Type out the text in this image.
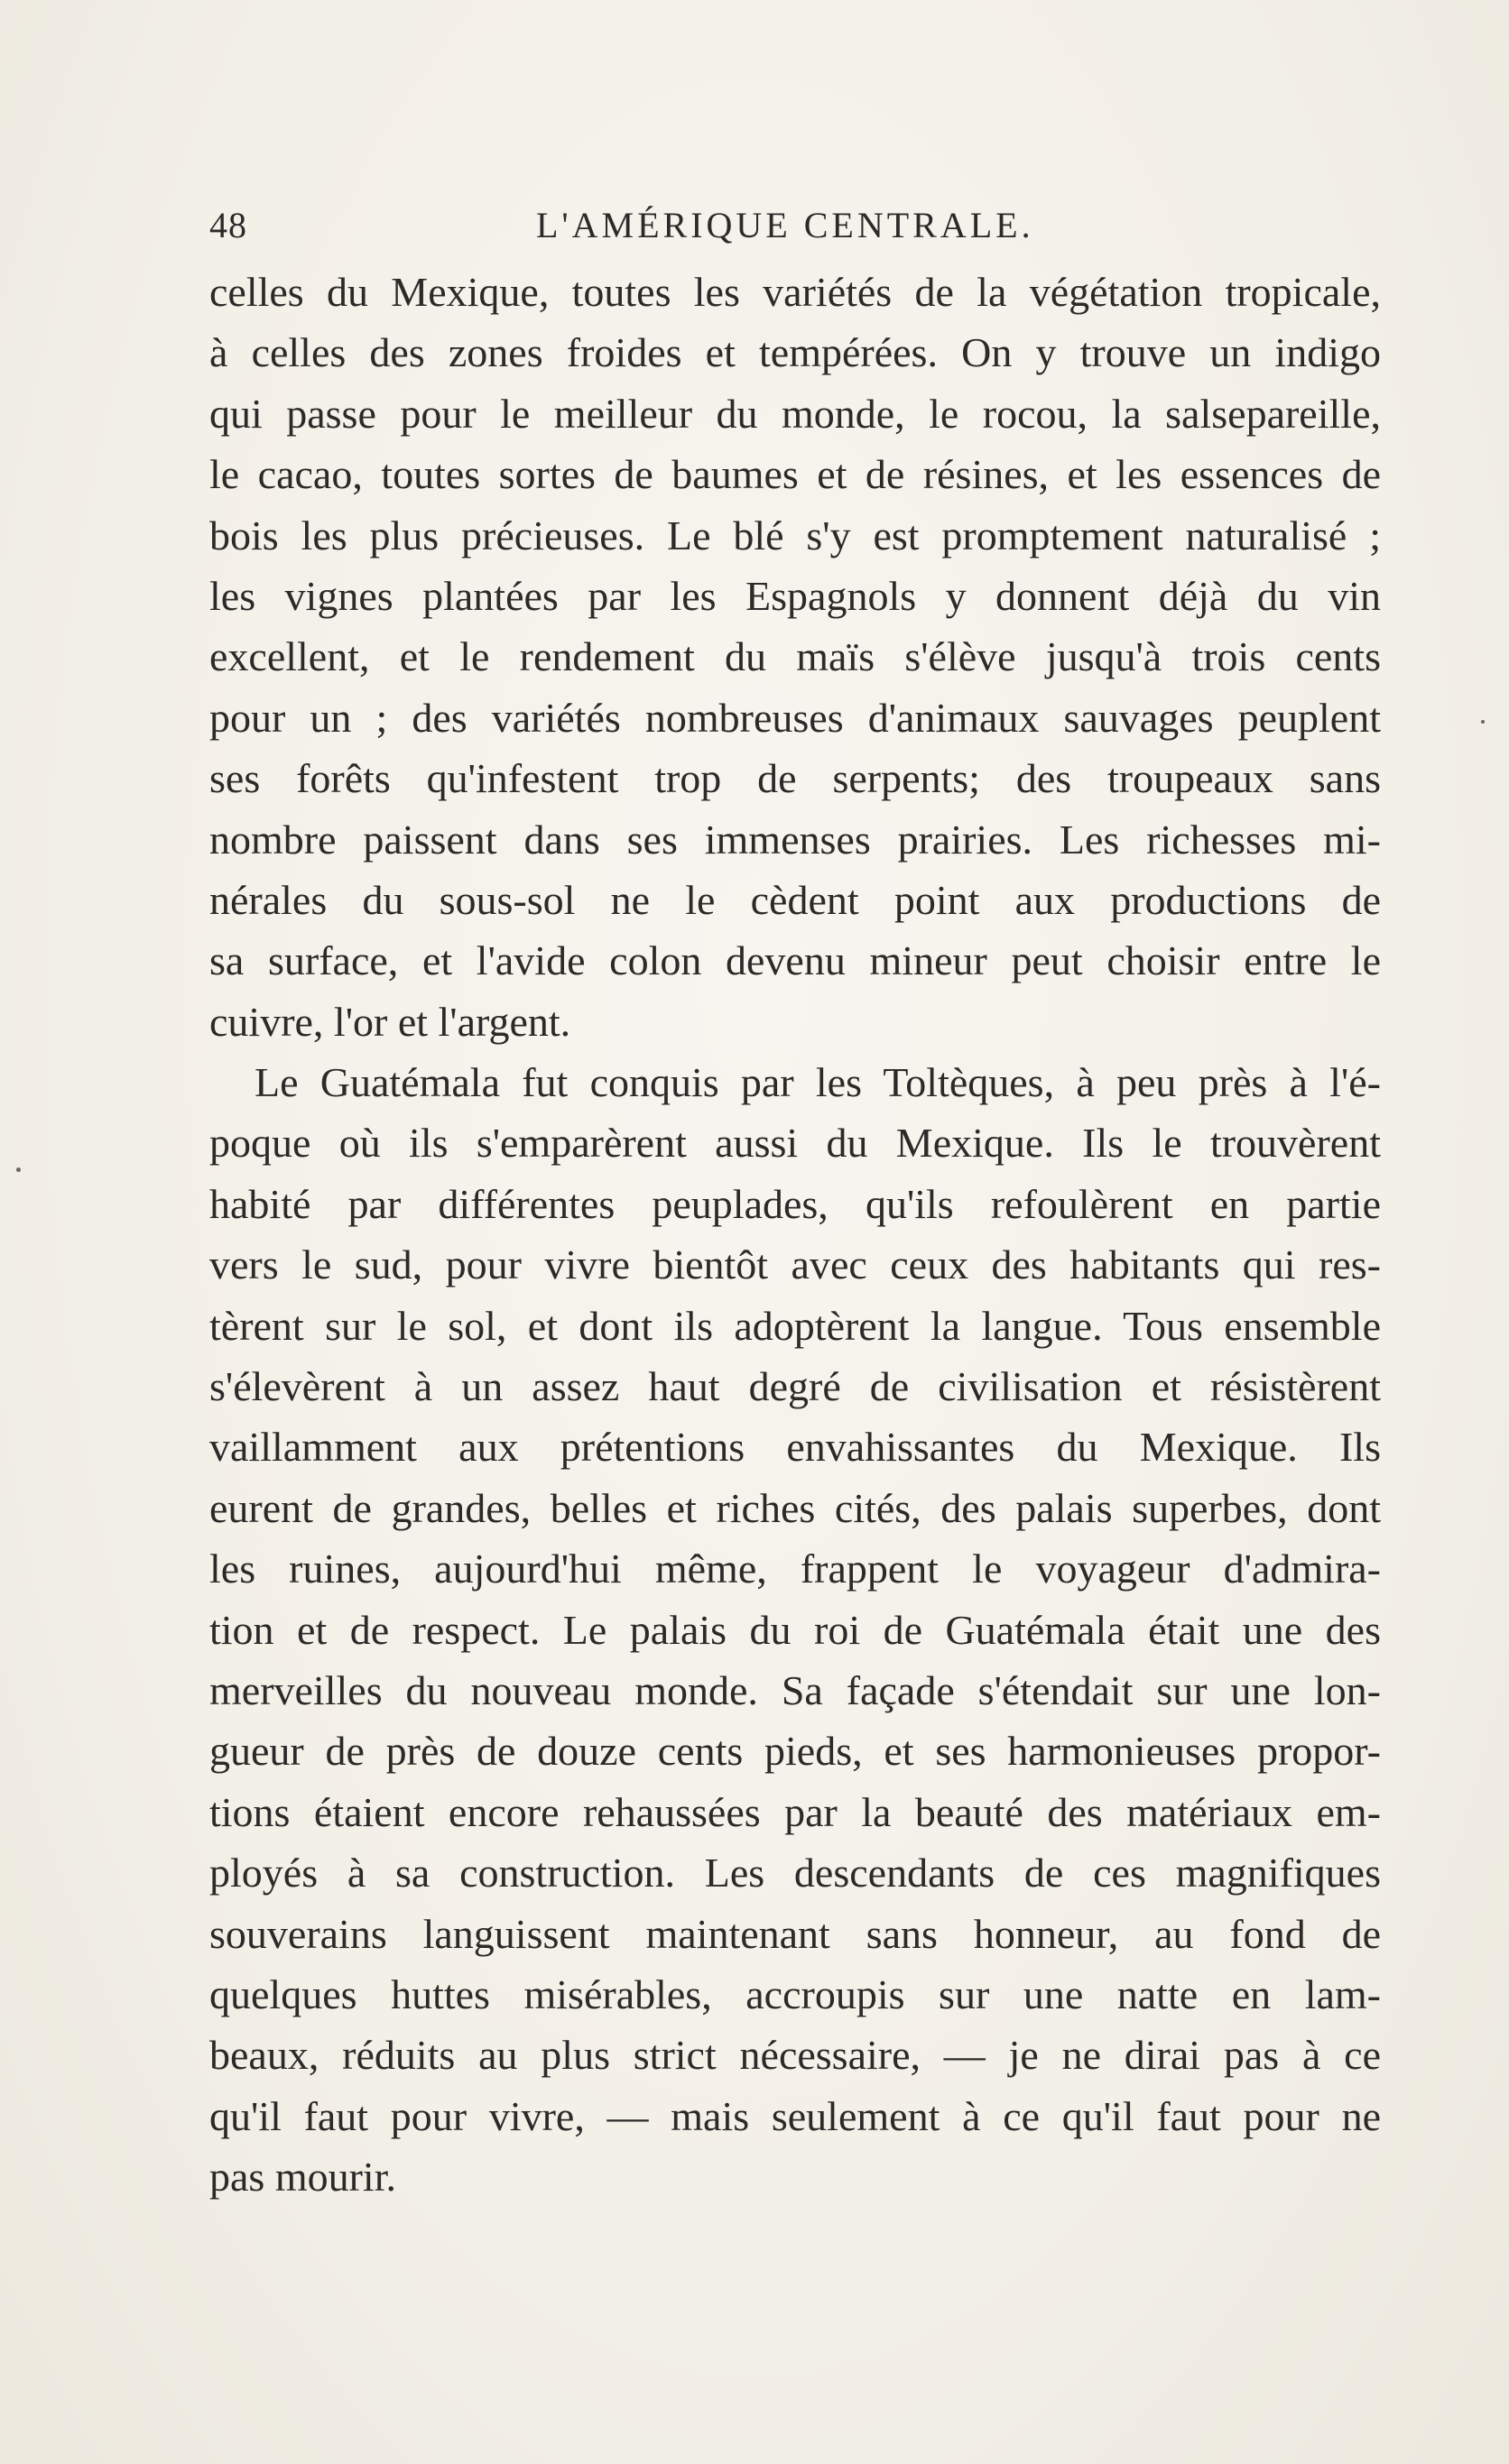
48	L'AMÉRIQUE CENTRALE.
celles du Mexique, toutes les variétés de la végétation tropicale,
à celles des zones froides et tempérées. On y trouve un indigo
qui passe pour le meilleur du monde, le rocou, la salsepareille,
le cacao, toutes sortes de baumes et de résines, et les essences de
bois les plus précieuses. Le blé s'y est promptement naturalisé ;
les vignes plantées par les Espagnols y donnent déjà du vin
excellent, et le rendement du maïs s'élève jusqu'à trois cents
pour un ; des variétés nombreuses d'animaux sauvages peuplent
ses forêts qu'infestent trop de serpents; des troupeaux sans
nombre paissent dans ses immenses prairies. Les richesses mi-
nérales du sous-sol ne le cèdent point aux productions de
sa surface, et l'avide colon devenu mineur peut choisir entre le
cuivre, l'or et l'argent.
Le Guatémala fut conquis par les Toltèques, à peu près à l'é-
poque où ils s'emparèrent aussi du Mexique. Ils le trouvèrent
habité par différentes peuplades, qu'ils refoulèrent en partie
vers le sud, pour vivre bientôt avec ceux des habitants qui res-
tèrent sur le sol, et dont ils adoptèrent la langue. Tous ensemble
s'élevèrent à un assez haut degré de civilisation et résistèrent
vaillamment aux prétentions envahissantes du Mexique. Ils
eurent de grandes, belles et riches cités, des palais superbes, dont
les ruines, aujourd'hui même, frappent le voyageur d'admira-
tion et de respect. Le palais du roi de Guatémala était une des
merveilles du nouveau monde. Sa façade s'étendait sur une lon-
gueur de près de douze cents pieds, et ses harmonieuses propor-
tions étaient encore rehaussées par la beauté des matériaux em-
ployés à sa construction. Les descendants de ces magnifiques
souverains languissent maintenant sans honneur, au fond de
quelques huttes misérables, accroupis sur une natte en lam-
beaux, réduits au plus strict nécessaire, — je ne dirai pas à ce
qu'il faut pour vivre, — mais seulement à ce qu'il faut pour ne
pas mourir.
